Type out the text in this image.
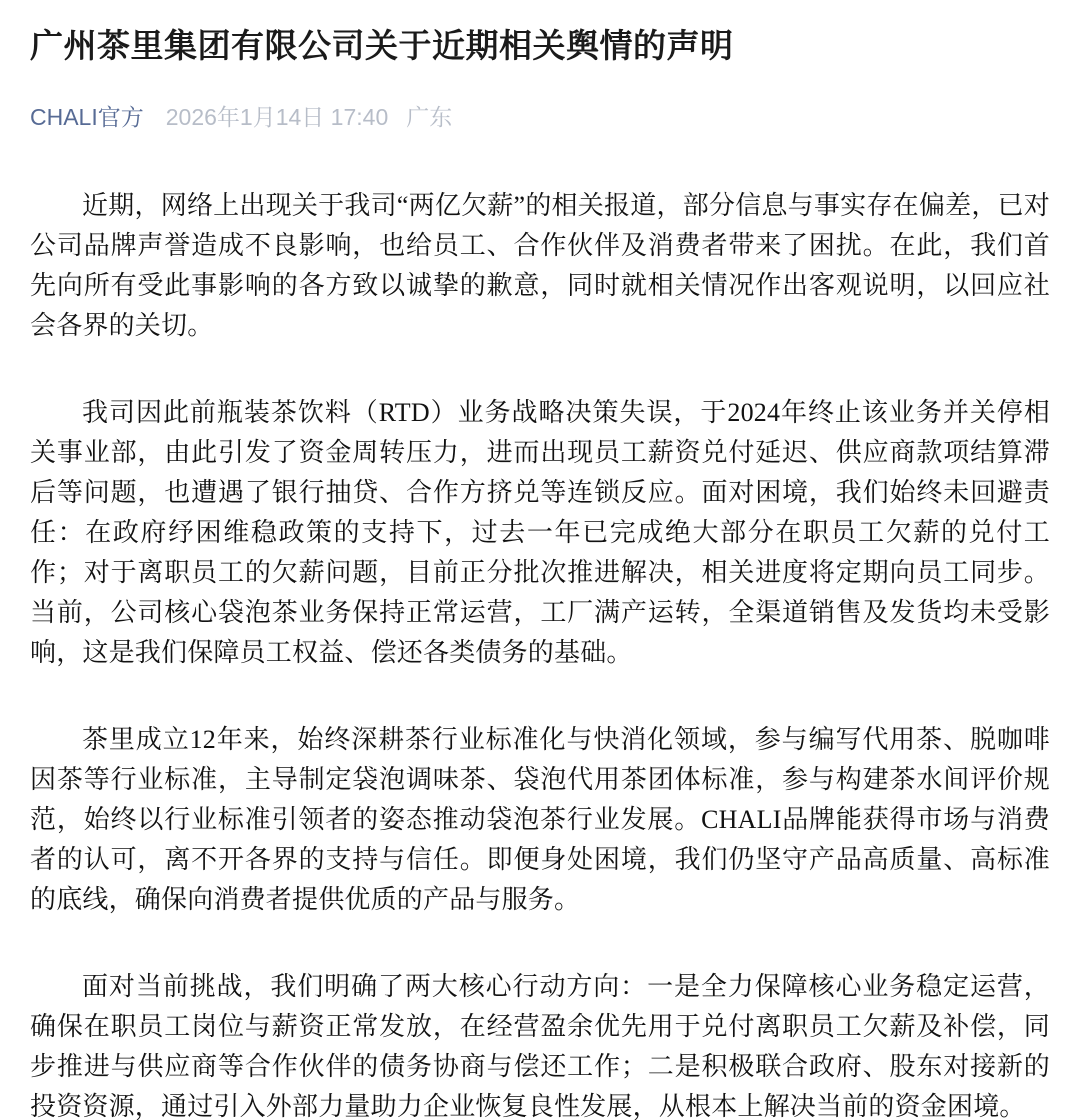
广州茶里集团有限公司关于近期相关舆情的声明
CHALI官方 2026年1月14日 17:40 广东

近期，网络上出现关于我司“两亿欠薪”的相关报道，部分信息与事实存在偏差，已对公司品牌声誉造成不良影响，也给员工、合作伙伴及消费者带来了困扰。在此，我们首先向所有受此事影响的各方致以诚挚的歉意，同时就相关情况作出客观说明，以回应社会各界的关切。

我司因此前瓶装茶饮料（RTD）业务战略决策失误，于2024年终止该业务并关停相关事业部，由此引发了资金周转压力，进而出现员工薪资兑付延迟、供应商款项结算滞后等问题，也遭遇了银行抽贷、合作方挤兑等连锁反应。面对困境，我们始终未回避责任：在政府纾困维稳政策的支持下，过去一年已完成绝大部分在职员工欠薪的兑付工作；对于离职员工的欠薪问题，目前正分批次推进解决，相关进度将定期向员工同步。当前，公司核心袋泡茶业务保持正常运营，工厂满产运转，全渠道销售及发货均未受影响，这是我们保障员工权益、偿还各类债务的基础。

茶里成立12年来，始终深耕茶行业标准化与快消化领域，参与编写代用茶、脱咖啡因茶等行业标准，主导制定袋泡调味茶、袋泡代用茶团体标准，参与构建茶水间评价规范，始终以行业标准引领者的姿态推动袋泡茶行业发展。CHALI品牌能获得市场与消费者的认可，离不开各界的支持与信任。即便身处困境，我们仍坚守产品高质量、高标准的底线，确保向消费者提供优质的产品与服务。

面对当前挑战，我们明确了两大核心行动方向：一是全力保障核心业务稳定运营，确保在职员工岗位与薪资正常发放，在经营盈余优先用于兑付离职员工欠薪及补偿，同步推进与供应商等合作伙伴的债务协商与偿还工作；二是积极联合政府、股东对接新的投资资源，通过引入外部力量助力企业恢复良性发展，从根本上解决当前的资金困境。
